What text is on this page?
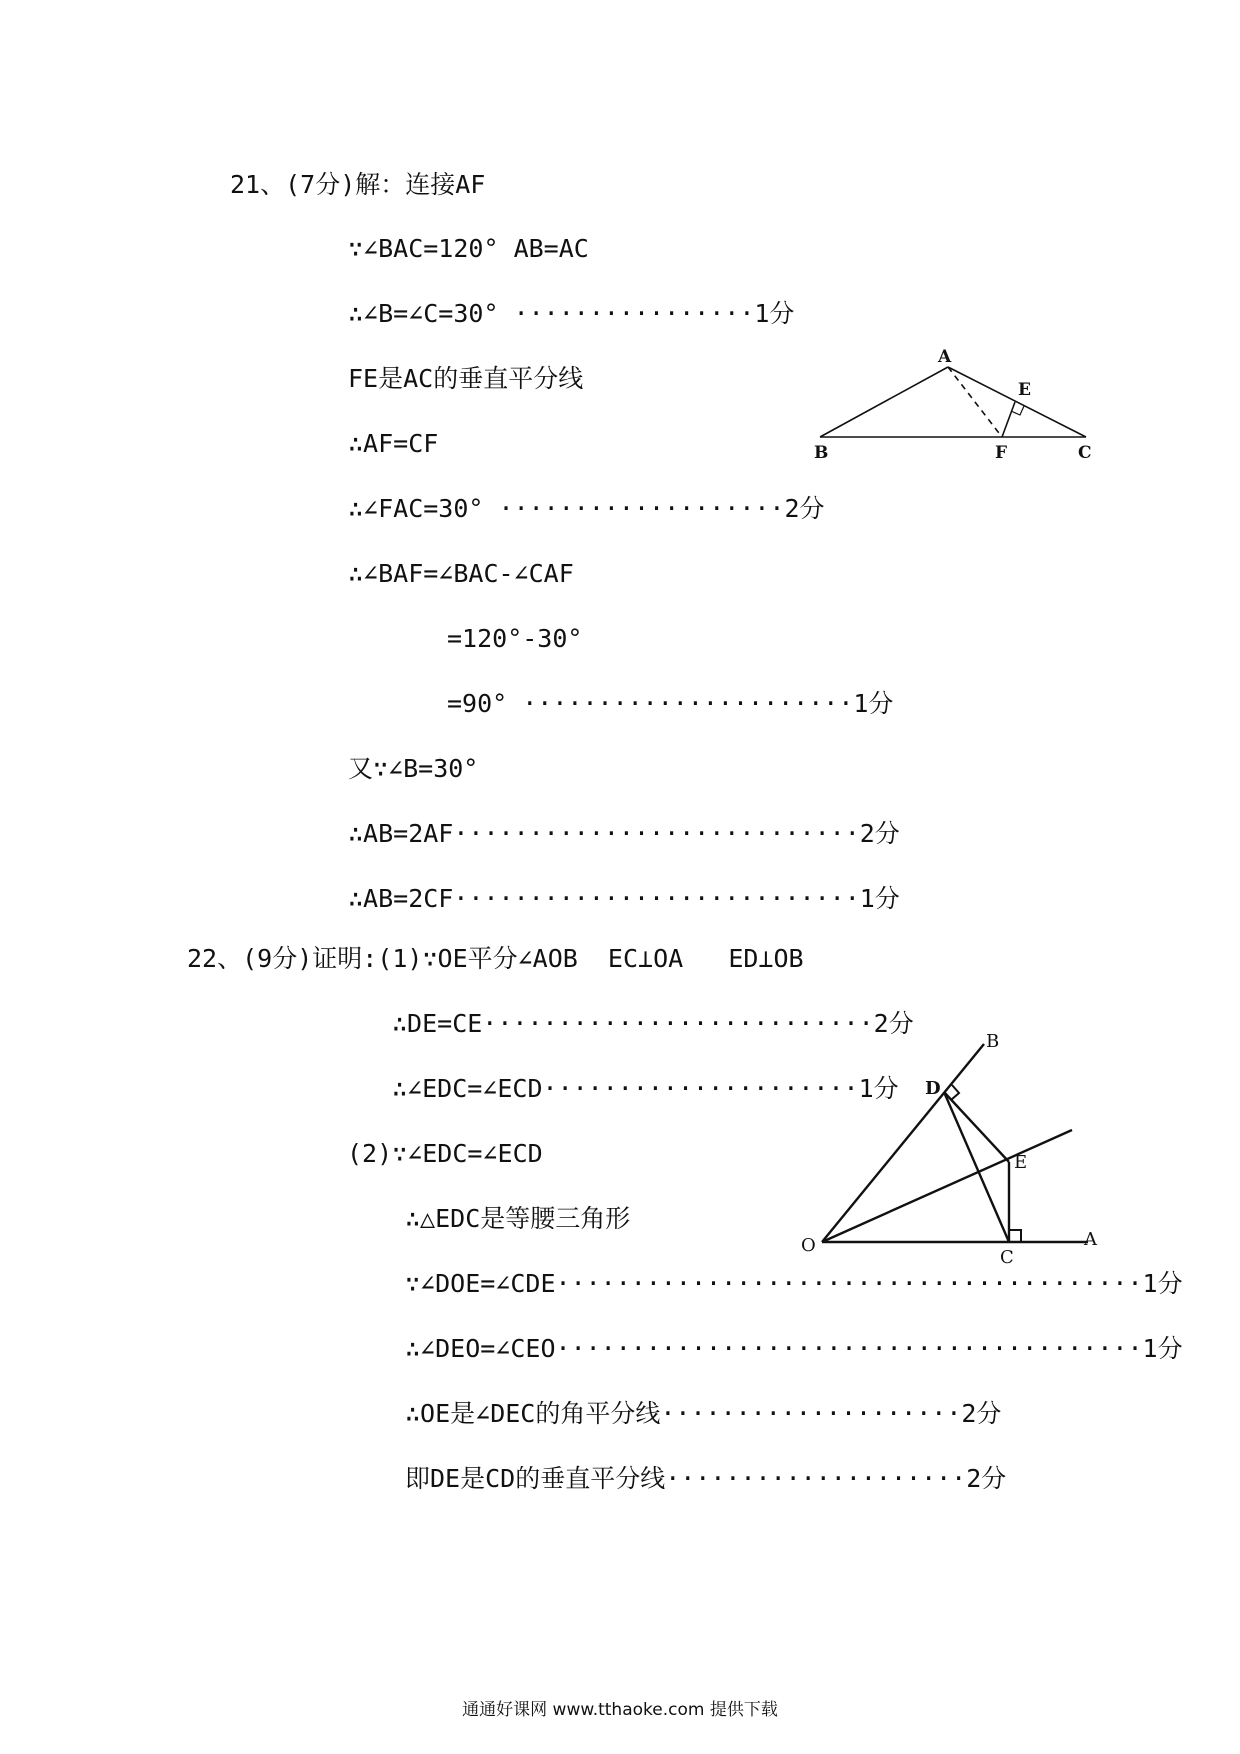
21、(7分)解：连接AF
∵∠BAC=120° AB=AC
∴∠B=∠C=30° ················1分
FE是AC的垂直平分线
∴AF=CF
∴∠FAC=30° ···················2分
∴∠BAF=∠BAC-∠CAF
=120°-30°
=90° ······················1分
又∵∠B=30°
∴AB=2AF···························2分
∴AB=2CF···························1分
A
B	C
E
F
22、(9分)证明:(1)∵OE平分∠AOB  EC⊥OA   ED⊥OB
∴DE=CE··························2分
∴∠EDC=∠ECD·····················1分
(2)∵∠EDC=∠ECD
∴△EDC是等腰三角形
∵∠DOE=∠CDE·······································1分
∴∠DEO=∠CEO·······································1分
∴OE是∠DEC的角平分线····················2分
即DE是CD的垂直平分线····················2分
O	A
B
C
D
E
通通好课网 www.tthaoke.com 提供下载
